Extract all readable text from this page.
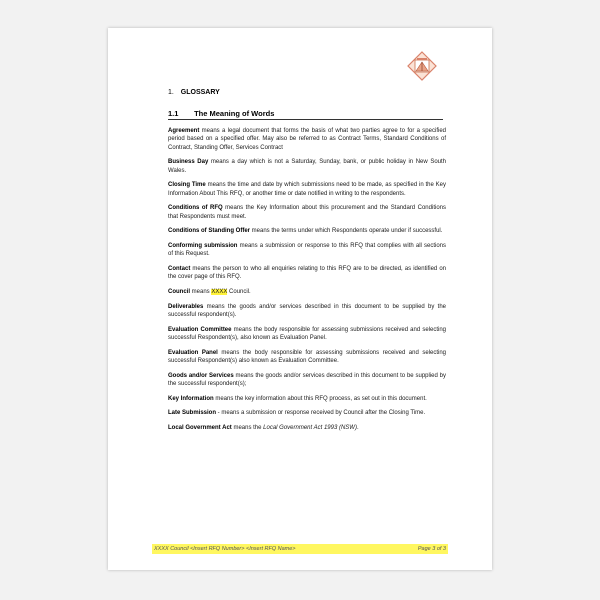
1. GLOSSARY
1.1 The Meaning of Words

Agreement means a legal document that forms the basis of what two parties agree to for a specified period based on a specified offer. May also be referred to as Contract Terms, Standard Conditions of Contract, Standing Offer, Services Contract

Business Day means a day which is not a Saturday, Sunday, bank, or public holiday in New South Wales.

Closing Time means the time and date by which submissions need to be made, as specified in the Key Information About This RFQ, or another time or date notified in writing to the respondents.

Conditions of RFQ means the Key Information about this procurement and the Standard Conditions that Respondents must meet.

Conditions of Standing Offer means the terms under which Respondents operate under if successful.

Conforming submission means a submission or response to this RFQ that complies with all sections of this Request.

Contact means the person to who all enquiries relating to this RFQ are to be directed, as identified on the cover page of this RFQ.

Council means XXXX Council.

Deliverables means the goods and/or services described in this document to be supplied by the successful respondent(s).

Evaluation Committee means the body responsible for assessing submissions received and selecting successful Respondent(s), also known as Evaluation Panel.

Evaluation Panel means the body responsible for assessing submissions received and selecting successful Respondent(s) also known as Evaluation Committee.

Goods and/or Services means the goods and/or services described in this document to be supplied by the successful respondent(s);

Key Information means the key information about this RFQ process, as set out in this document.

Late Submission - means a submission or response received by Council after the Closing Time.

Local Government Act means the Local Government Act 1993 (NSW).

XXXX Council <Insert RFQ Number> <Insert RFQ Name>	Page 3 of 3
